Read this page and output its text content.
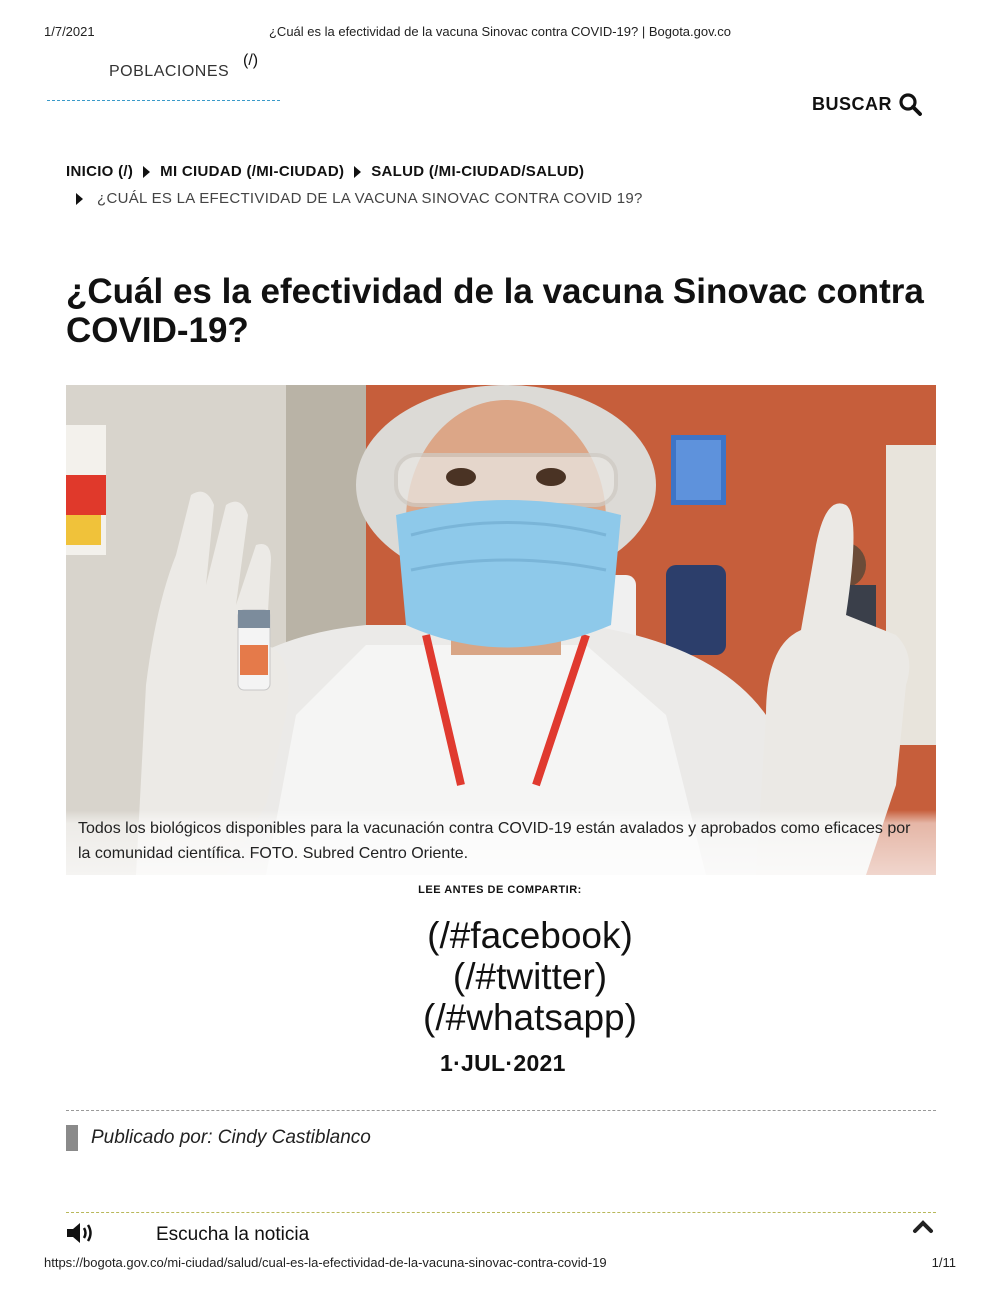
1/7/2021	¿Cuál es la efectividad de la vacuna Sinovac contra COVID-19? | Bogota.gov.co
POBLACIONES
(/)
BUSCAR
INICIO (/) MI CIUDAD (/MI-CIUDAD) SALUD (/MI-CIUDAD/SALUD)
¿CUÁL ES LA EFECTIVIDAD DE LA VACUNA SINOVAC CONTRA COVID 19?
¿Cuál es la efectividad de la vacuna Sinovac contra COVID-19?
Todos los biológicos disponibles para la vacunación contra COVID-19 están avalados y aprobados como eficaces por la comunidad científica. FOTO. Subred Centro Oriente.
LEE ANTES DE COMPARTIR:
(/#facebook)
(/#twitter)
(/#whatsapp)
1·JUL·2021
Publicado por: Cindy Castiblanco
Escucha la noticia
https://bogota.gov.co/mi-ciudad/salud/cual-es-la-efectividad-de-la-vacuna-sinovac-contra-covid-19	1/11
